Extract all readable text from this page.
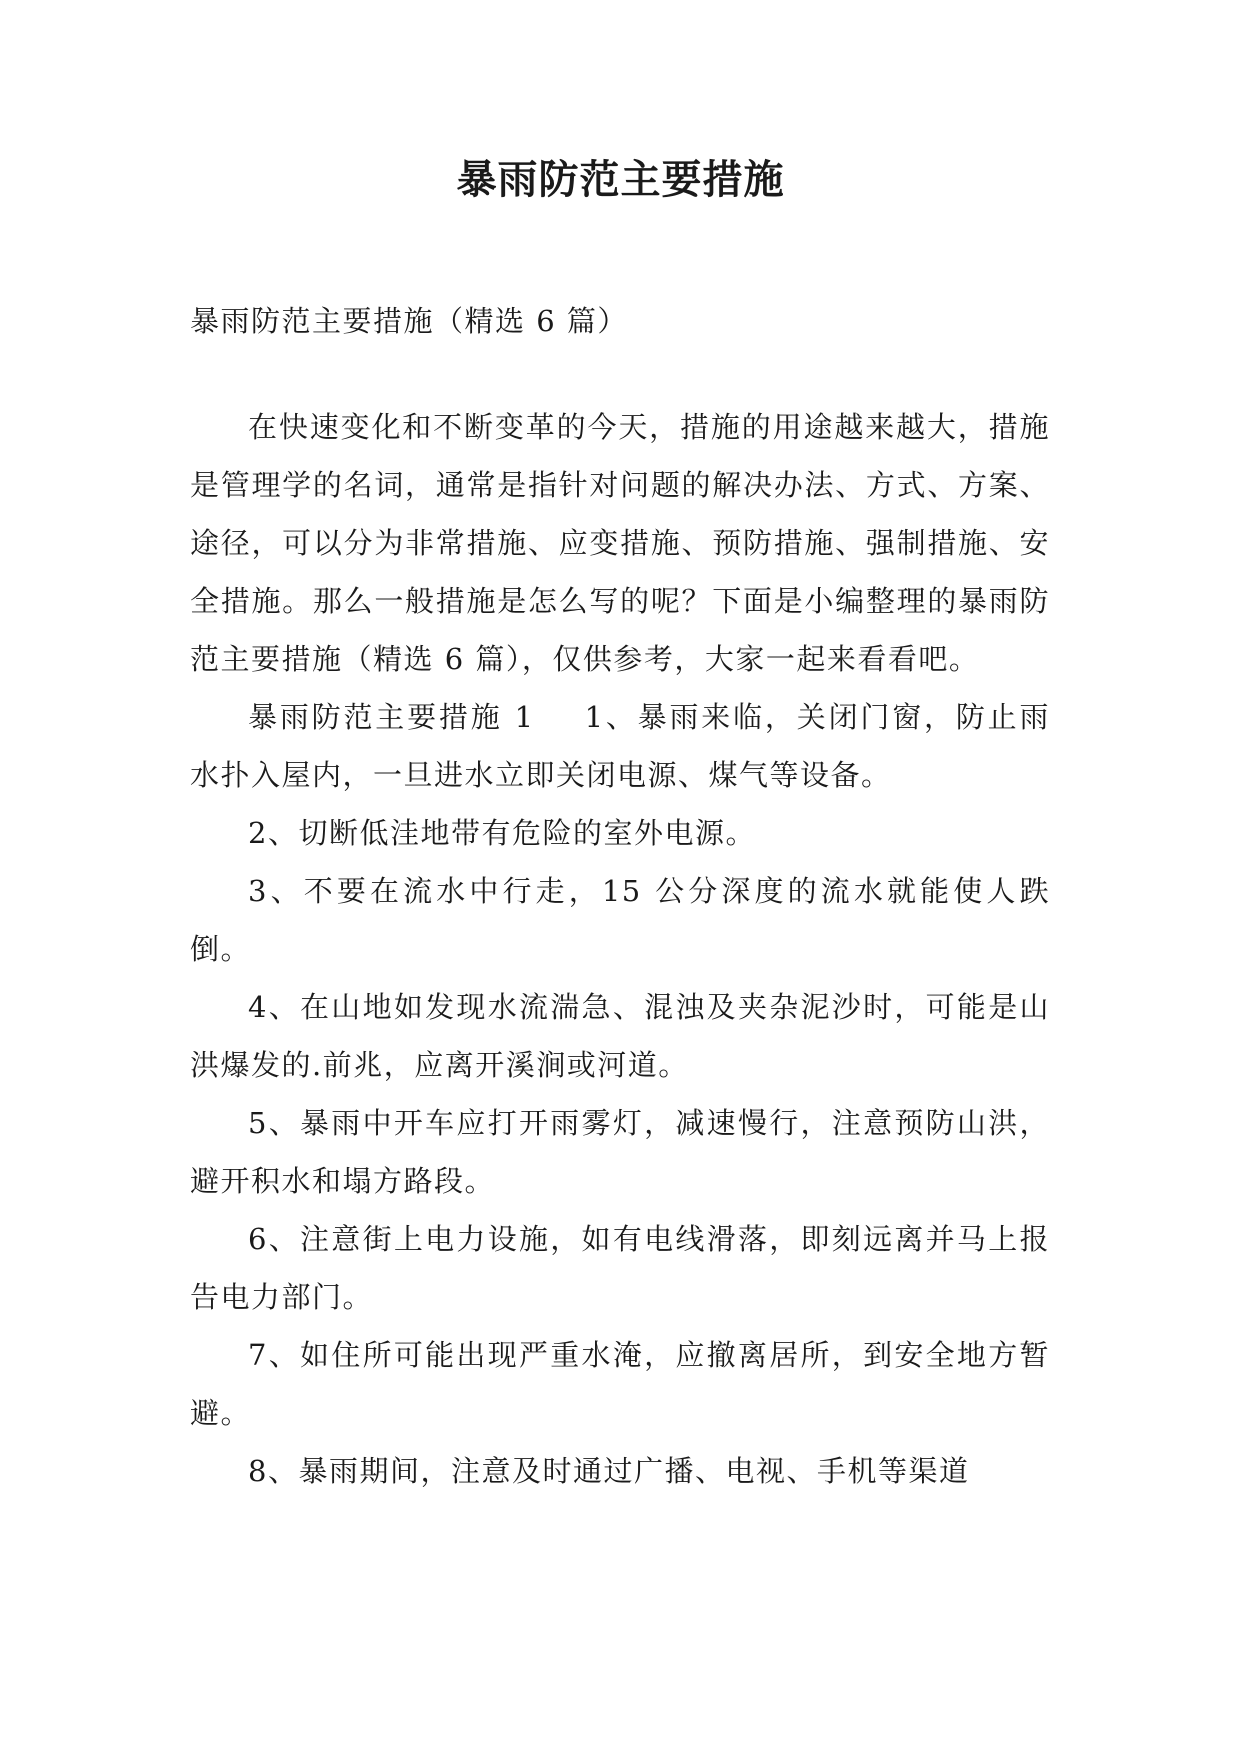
暴雨防范主要措施

暴雨防范主要措施（精选 6 篇）

在快速变化和不断变革的今天，措施的用途越来越大，措施是管理学的名词，通常是指针对问题的解决办法、方式、方案、途径，可以分为非常措施、应变措施、预防措施、强制措施、安全措施。那么一般措施是怎么写的呢？下面是小编整理的暴雨防范主要措施（精选 6 篇），仅供参考，大家一起来看看吧。

暴雨防范主要措施 1 1、暴雨来临，关闭门窗，防止雨水扑入屋内，一旦进水立即关闭电源、煤气等设备。

2、切断低洼地带有危险的室外电源。

3、不要在流水中行走，15 公分深度的流水就能使人跌倒。

4、在山地如发现水流湍急、混浊及夹杂泥沙时，可能是山洪爆发的.前兆，应离开溪涧或河道。

5、暴雨中开车应打开雨雾灯，减速慢行，注意预防山洪，避开积水和塌方路段。

6、注意街上电力设施，如有电线滑落，即刻远离并马上报告电力部门。

7、如住所可能出现严重水淹，应撤离居所，到安全地方暂避。

8、暴雨期间，注意及时通过广播、电视、手机等渠道
